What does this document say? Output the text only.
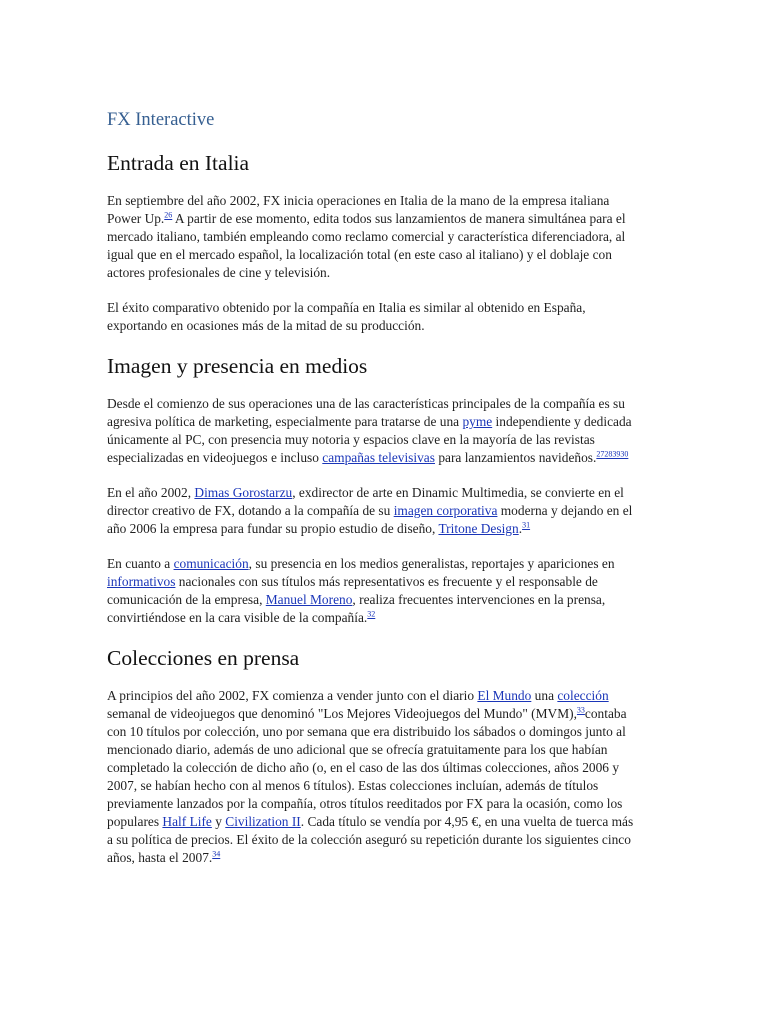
FX Interactive
Entrada en Italia

En septiembre del año 2002, FX inicia operaciones en Italia de la mano de la empresa italiana Power Up.$^{26}$ A partir de ese momento, edita todos sus lanzamientos de manera simultánea para el mercado italiano, también empleando como reclamo comercial y característica diferenciadora, al igual que en el mercado español, la localización total (en este caso al italiano) y el doblaje con actores profesionales de cine y televisión.

El éxito comparativo obtenido por la compañía en Italia es similar al obtenido en España, exportando en ocasiones más de la mitad de su producción.

Imagen y presencia en medios

Desde el comienzo de sus operaciones una de las características principales de la compañía es su agresiva política de marketing, especialmente para tratarse de una pyme independiente y dedicada únicamente al PC, con presencia muy notoria y espacios clave en la mayoría de las revistas especializadas en videojuegos e incluso campañas televisivas para lanzamientos navideños.$^{27283930}$

En el año 2002, Dimas Gorostarzu, exdirector de arte en Dinamic Multimedia, se convierte en el director creativo de FX, dotando a la compañía de su imagen corporativa moderna y dejando en el año 2006 la empresa para fundar su propio estudio de diseño, Tritone Design.$^{31}$

En cuanto a comunicación, su presencia en los medios generalistas, reportajes y apariciones en informativos nacionales con sus títulos más representativos es frecuente y el responsable de comunicación de la empresa, Manuel Moreno, realiza frecuentes intervenciones en la prensa, convirtiéndose en la cara visible de la compañía.$^{32}$

Colecciones en prensa

A principios del año 2002, FX comienza a vender junto con el diario El Mundo una colección semanal de videojuegos que denominó "Los Mejores Videojuegos del Mundo" (MVM),$^{33}$contaba con 10 títulos por colección, uno por semana que era distribuido los sábados o domingos junto al mencionado diario, además de uno adicional que se ofrecía gratuitamente para los que habían completado la colección de dicho año (o, en el caso de las dos últimas colecciones, años 2006 y 2007, se habían hecho con al menos 6 títulos). Estas colecciones incluían, además de títulos previamente lanzados por la compañía, otros títulos reeditados por FX para la ocasión, como los populares Half Life y Civilization II. Cada título se vendía por 4,95 €, en una vuelta de tuerca más a su política de precios. El éxito de la colección aseguró su repetición durante los siguientes cinco años, hasta el 2007.34
